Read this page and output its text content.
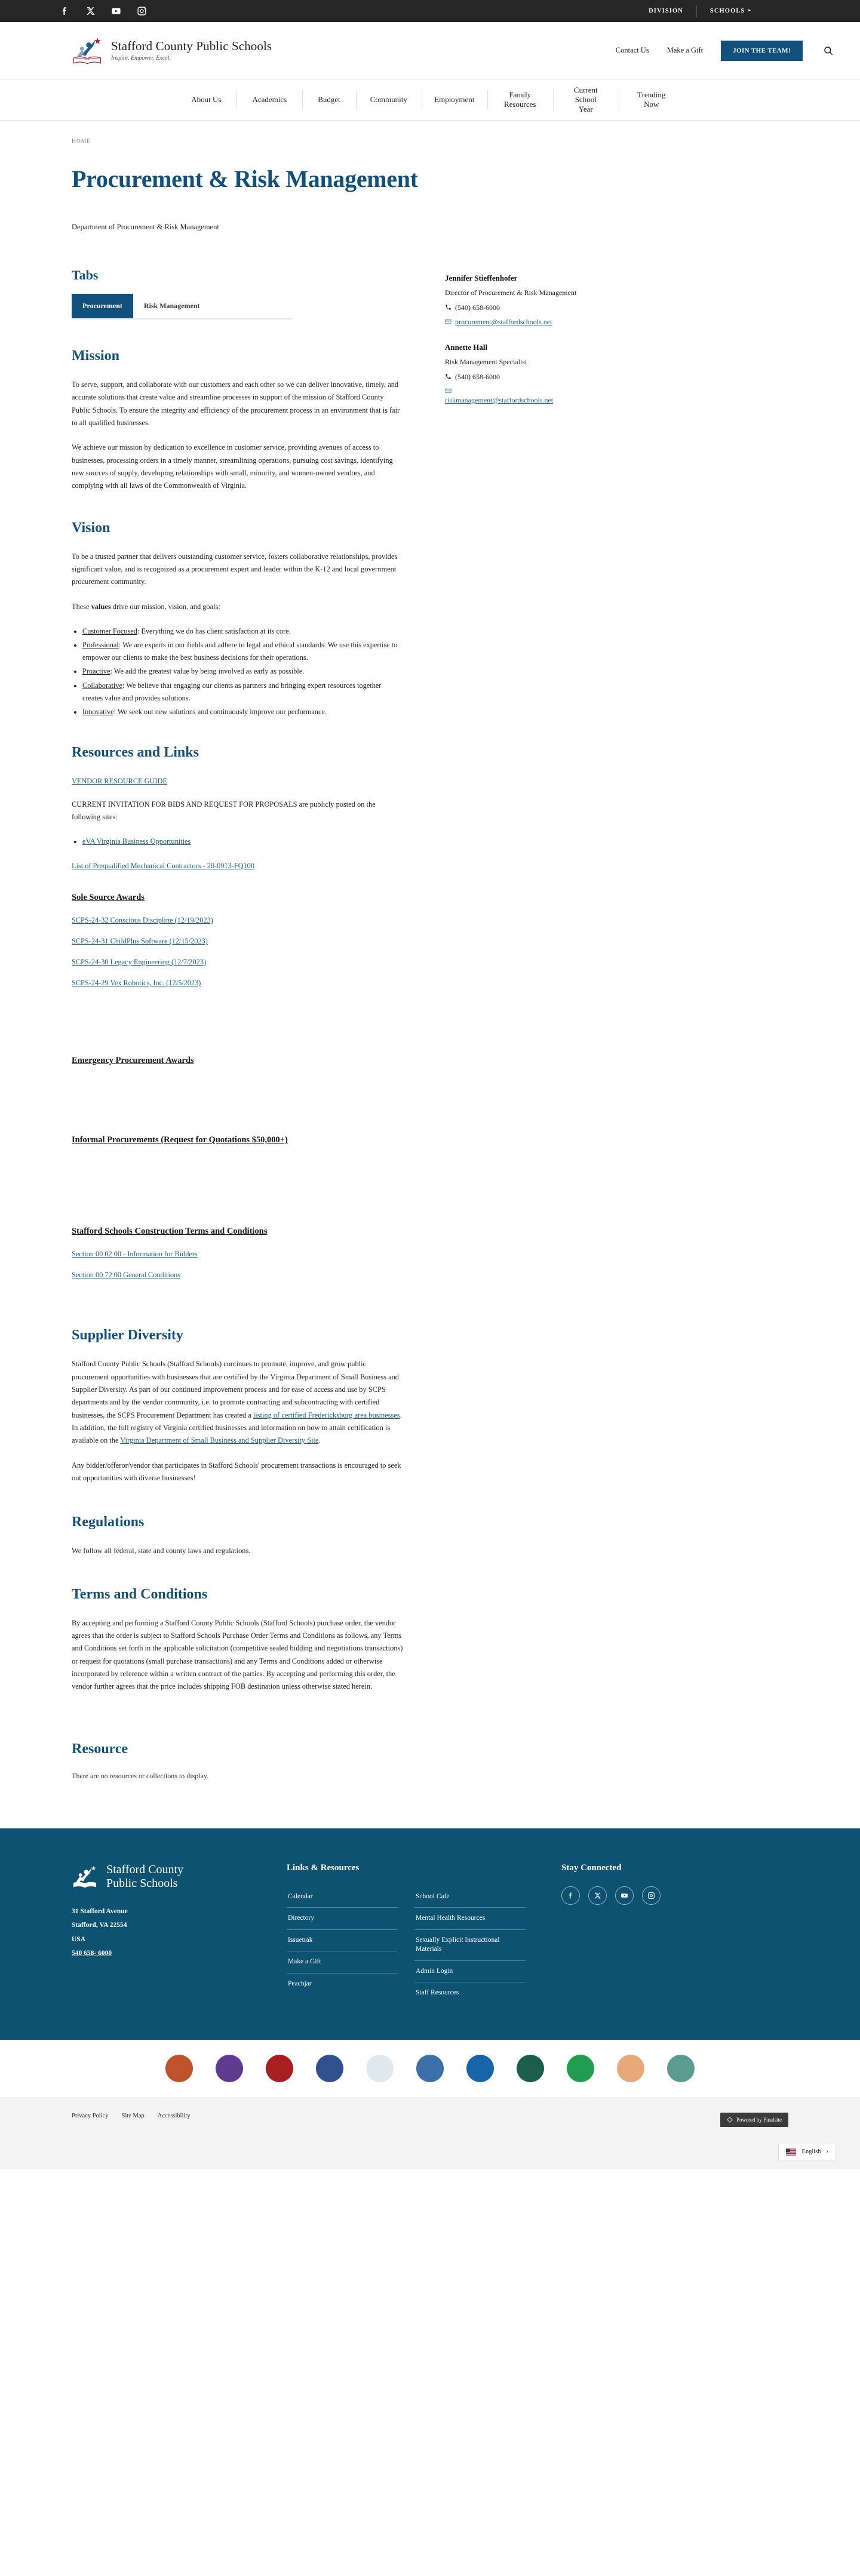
DIVISION	SCHOOLS ▸
Stafford County Public Schools
Inspire. Empower. Excel.
Contact Us Make a Gift	JOIN THE TEAM!
About Us	Academics	Budget	Community	Employment
Family Resources
Current School Year
Trending Now
HOME
Procurement & Risk Management
Department of Procurement & Risk Management
Tabs
Procurement	Risk Management
Mission

To serve, support, and collaborate with our customers and each other so we can deliver innovative, timely, and accurate solutions that create value and streamline processes in support of the mission of Stafford County Public Schools. To ensure the integrity and efficiency of the procurement process in an environment that is fair to all qualified businesses.

We achieve our mission by dedication to excellence in customer service, providing avenues of access to businesses, processing orders in a timely manner, streamlining operations, pursuing cost savings, identifying new sources of supply, developing relationships with small, minority, and women-owned vendors, and complying with all laws of the Commonwealth of Virginia.

Vision

To be a trusted partner that delivers outstanding customer service, fosters collaborative relationships, provides significant value, and is recognized as a procurement expert and leader within the K-12 and local government procurement community.

These values drive our mission, vision, and goals:

• Customer Focused: Everything we do has client satisfaction at its core.
• Professional: We are experts in our fields and adhere to legal and ethical standards. We use this expertise to empower our clients to make the best business decisions for their operations.
• Proactive: We add the greatest value by being involved as early as possible.
• Collaborative: We believe that engaging our clients as partners and bringing expert resources together creates value and provides solutions.
• Innovative: We seek out new solutions and continuously improve our performance.
Resources and Links
VENDOR RESOURCE GUIDE

CURRENT INVITATION FOR BIDS AND REQUEST FOR PROPOSALS are publicly posted on the following sites:

• eVA Virginia Business Opportunities
List of Prequalified Mechanical Contractors - 20-0913-FQ100
Sole Source Awards
SCPS-24-32 Conscious Discipline (12/19/2023)
SCPS-24-31 ChildPlus Software (12/15/2023)
SCPS-24-30 Legacy Engineering (12/7/2023)
SCPS-24-29 Vex Robotics, Inc. (12/5/2023)
Emergency Procurement Awards
Informal Procurements (Request for Quotations $50,000+)
Stafford Schools Construction Terms and Conditions
Section 00 02 00 - Information for Bidders
Section 00 72 00 General Conditions
Supplier Diversity

Stafford County Public Schools (Stafford Schools) continues to promote, improve, and grow public procurement opportunities with businesses that are certified by the Virginia Department of Small Business and Supplier Diversity. As part of our continued improvement process and for ease of access and use by SCPS departments and by the vendor community, i.e. to promote contracting and subcontracting with certified businesses, the SCPS Procurement Department has created a listing of certified Fredericksburg area businesses. In addition, the full registry of Virginia certified businesses and information on how to attain certification is available on the Virginia Department of Small Business and Supplier Diversity Site.

Any bidder/offeror/vendor that participates in Stafford Schools' procurement transactions is encouraged to seek out opportunities with diverse businesses!

Regulations

We follow all federal, state and county laws and regulations.

Terms and Conditions

By accepting and performing a Stafford County Public Schools (Stafford Schools) purchase order, the vendor agrees that the order is subject to Stafford Schools Purchase Order Terms and Conditions as follows, any Terms and Conditions set forth in the applicable solicitation (competitive sealed bidding and negotiations transactions) or request for quotations (small purchase transactions) and any Terms and Conditions added or otherwise incorporated by reference within a written contract of the parties. By accepting and performing this order, the vendor further agrees that the price includes shipping FOB destination unless otherwise stated herein.

Resource

There are no resources or collections to display.

Jennifer Stieffenhofer
Director of Procurement & Risk Management
(540) 658-6000
procurement@staffordschools.net
Annette Hall
Risk Management Specialist
(540) 658-6000
riskmanagement@staffordschools.net
Stafford County
Public Schools
31 Stafford Avenue
Stafford, VA 22554
USA
540 658- 6000
Links & Resources
Calendar
Directory
Issuetrak
Make a Gift
Peachjar
School Cafe
Mental Health Resources
Sexually Explicit Instructional Materials
Admin Login
Staff Resources
Stay Connected
Privacy Policy Site Map Accessibility
Powered by Finalsite
English ›
